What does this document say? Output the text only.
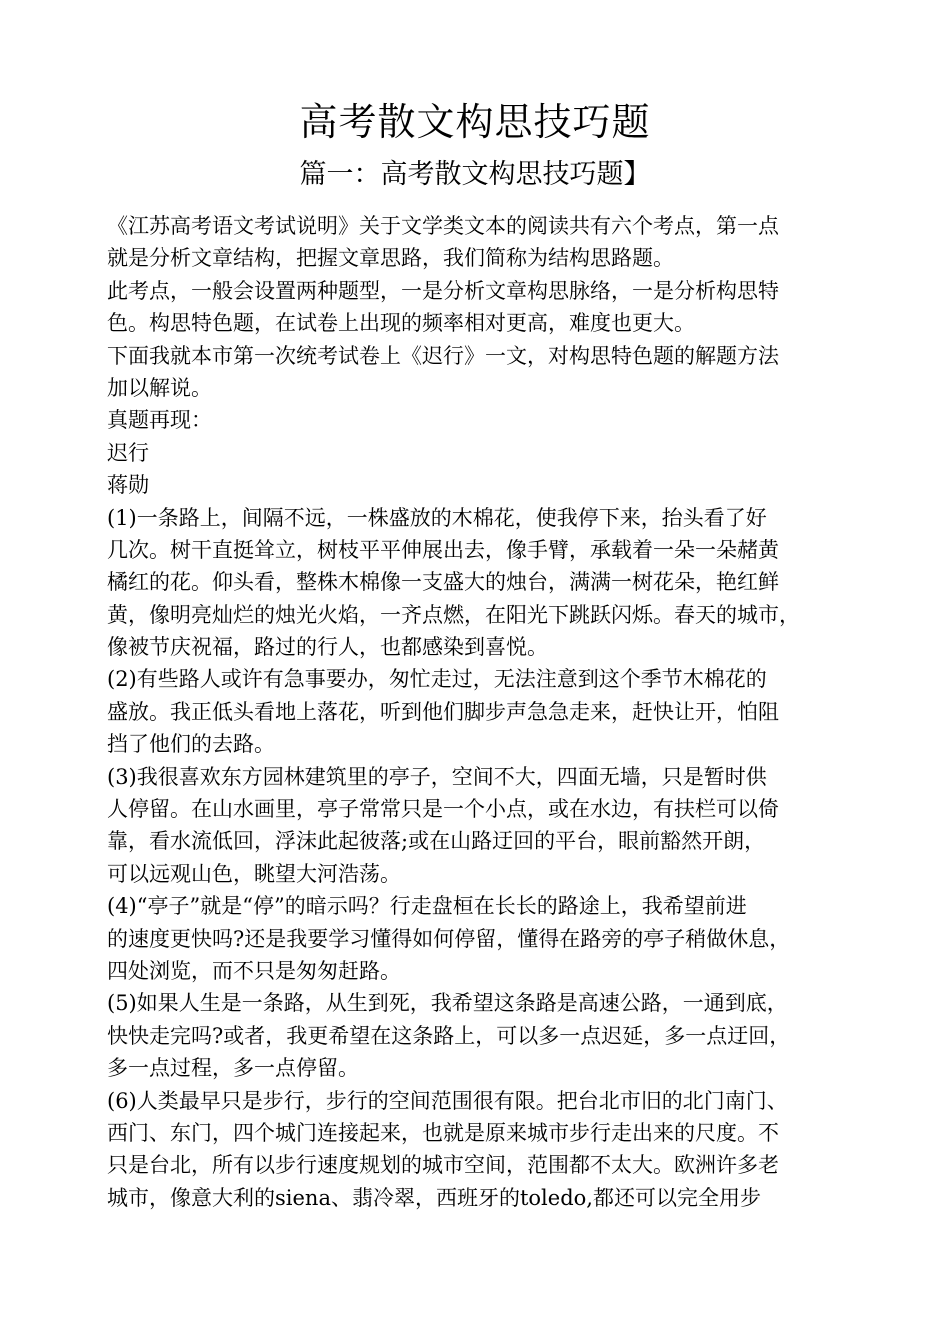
高考散文构思技巧题
篇一：高考散文构思技巧题】
《江苏高考语文考试说明》关于文学类文本的阅读共有六个考点，第一点
就是分析文章结构，把握文章思路，我们简称为结构思路题。
此考点，一般会设置两种题型，一是分析文章构思脉络，一是分析构思特
色。构思特色题，在试卷上出现的频率相对更高，难度也更大。
下面我就本市第一次统考试卷上《迟行》一文，对构思特色题的解题方法
加以解说。
真题再现：
迟行
蒋勋
(1)一条路上，间隔不远，一株盛放的木棉花，使我停下来，抬头看了好
几次。树干直挺耸立，树枝平平伸展出去，像手臂，承载着一朵一朵赭黄
橘红的花。仰头看，整株木棉像一支盛大的烛台，满满一树花朵，艳红鲜
黄，像明亮灿烂的烛光火焰，一齐点燃，在阳光下跳跃闪烁。春天的城市，
像被节庆祝福，路过的行人，也都感染到喜悦。
(2)有些路人或许有急事要办，匆忙走过，无法注意到这个季节木棉花的
盛放。我正低头看地上落花，听到他们脚步声急急走来，赶快让开，怕阻
挡了他们的去路。
(3)我很喜欢东方园林建筑里的亭子，空间不大，四面无墙，只是暂时供
人停留。在山水画里，亭子常常只是一个小点，或在水边，有扶栏可以倚
靠，看水流低回，浮沫此起彼落;或在山路迂回的平台，眼前豁然开朗，
可以远观山色，眺望大河浩荡。
(4)“亭子”就是“停”的暗示吗？行走盘桓在长长的路途上，我希望前进
的速度更快吗?还是我要学习懂得如何停留，懂得在路旁的亭子稍做休息，
四处浏览，而不只是匆匆赶路。
(5)如果人生是一条路，从生到死，我希望这条路是高速公路，一通到底，
快快走完吗?或者，我更希望在这条路上，可以多一点迟延，多一点迂回，
多一点过程，多一点停留。
(6)人类最早只是步行，步行的空间范围很有限。把台北市旧的北门南门、
西门、东门，四个城门连接起来，也就是原来城市步行走出来的尺度。不
只是台北，所有以步行速度规划的城市空间，范围都不太大。欧洲许多老
城市，像意大利的siena、翡冷翠，西班牙的toledo,都还可以完全用步
